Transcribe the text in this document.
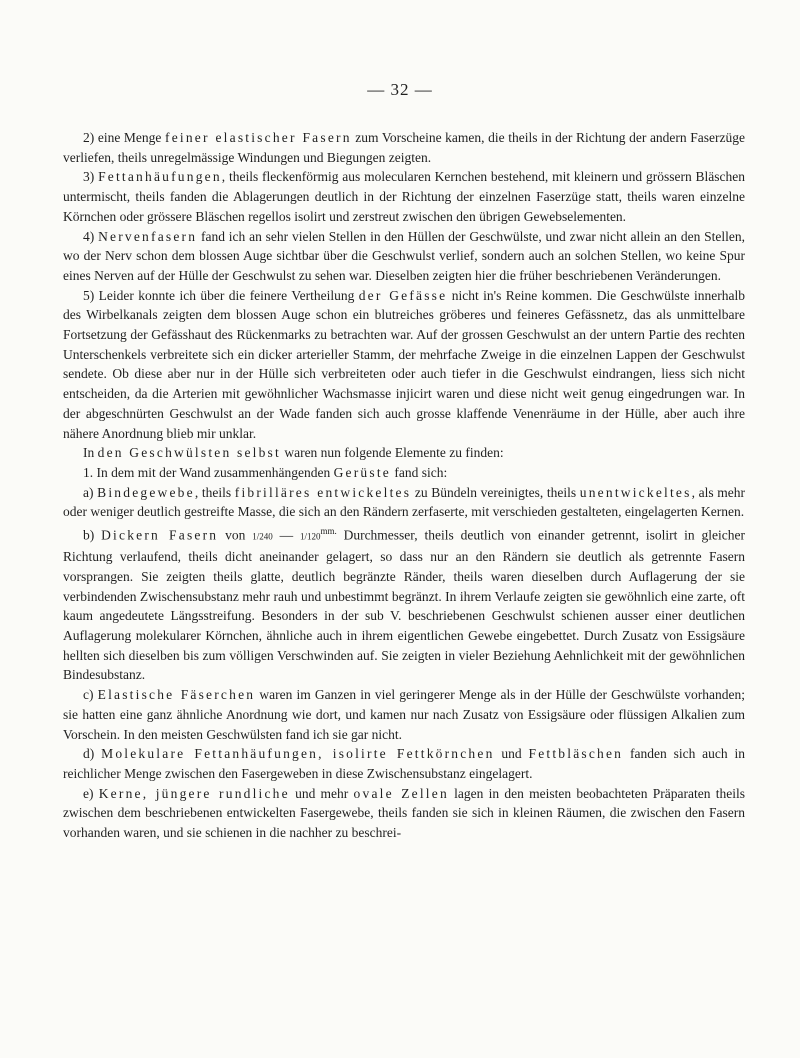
— 32 —

2) eine Menge feiner elastischer Fasern zum Vorscheine kamen, die theils in der Richtung der andern Faserzüge verliefen, theils unregelmässige Windungen und Biegungen zeigten.

3) Fettanhäufungen, theils fleckenförmig aus molecularen Kernchen bestehend, mit kleinern und grössern Bläschen untermischt, theils fanden die Ablagerungen deutlich in der Richtung der einzelnen Faserzüge statt, theils waren einzelne Körnchen oder grössere Bläschen regellos isolirt und zerstreut zwischen den übrigen Gewebselementen.

4) Nervenfasern fand ich an sehr vielen Stellen in den Hüllen der Geschwülste, und zwar nicht allein an den Stellen, wo der Nerv schon dem blossen Auge sichtbar über die Geschwulst verlief, sondern auch an solchen Stellen, wo keine Spur eines Nerven auf der Hülle der Geschwulst zu sehen war. Dieselben zeigten hier die früher beschriebenen Veränderungen.

5) Leider konnte ich über die feinere Vertheilung der Gefässe nicht in's Reine kommen. Die Geschwülste innerhalb des Wirbelkanals zeigten dem blossen Auge schon ein blutreiches gröberes und feineres Gefässnetz, das als unmittelbare Fortsetzung der Gefässhaut des Rückenmarks zu betrachten war. Auf der grossen Geschwulst an der untern Partie des rechten Unterschenkels verbreitete sich ein dicker arterieller Stamm, der mehrfache Zweige in die einzelnen Lappen der Geschwulst sendete. Ob diese aber nur in der Hülle sich verbreiteten oder auch tiefer in die Geschwulst eindrangen, liess sich nicht entscheiden, da die Arterien mit gewöhnlicher Wachsmasse injicirt waren und diese nicht weit genug eingedrungen war. In der abgeschnürten Geschwulst an der Wade fanden sich auch grosse klaffende Venenräume in der Hülle, aber auch ihre nähere Anordnung blieb mir unklar.

In den Geschwülsten selbst waren nun folgende Elemente zu finden:

1. In dem mit der Wand zusammenhängenden Gerüste fand sich:

a) Bindegewebe, theils fibrilläres entwickeltes zu Bündeln vereinigtes, theils unentwickeltes, als mehr oder weniger deutlich gestreifte Masse, die sich an den Rändern zerfaserte, mit verschieden gestalteten, eingelagerten Kernen.

b) Dickern Fasern von 1/240 — $1/120^{mm.}$ Durchmesser, theils deutlich von einander getrennt, isolirt in gleicher Richtung verlaufend, theils dicht aneinander gelagert, so dass nur an den Rändern sie deutlich als getrennte Fasern vorsprangen. Sie zeigten theils glatte, deutlich begränzte Ränder, theils waren dieselben durch Auflagerung der sie verbindenden Zwischensubstanz mehr rauh und unbestimmt begränzt. In ihrem Verlaufe zeigten sie gewöhnlich eine zarte, oft kaum angedeutete Längsstreifung. Besonders in der sub V. beschriebenen Geschwulst schienen ausser einer deutlichen Auflagerung molekularer Körnchen, ähnliche auch in ihrem eigentlichen Gewebe eingebettet. Durch Zusatz von Essigsäure hellten sich dieselben bis zum völligen Verschwinden auf. Sie zeigten in vieler Beziehung Aehnlichkeit mit der gewöhnlichen Bindesubstanz.

c) Elastische Fäserchen waren im Ganzen in viel geringerer Menge als in der Hülle der Geschwülste vorhanden; sie hatten eine ganz ähnliche Anordnung wie dort, und kamen nur nach Zusatz von Essigsäure oder flüssigen Alkalien zum Vorschein. In den meisten Geschwülsten fand ich sie gar nicht.

d) Molekulare Fettanhäufungen, isolirte Fettkörnchen und Fettbläschen fanden sich auch in reichlicher Menge zwischen den Fasergeweben in diese Zwischensubstanz eingelagert.

e) Kerne, jüngere rundliche und mehr ovale Zellen lagen in den meisten beobachteten Präparaten theils zwischen dem beschriebenen entwickelten Fasergewebe, theils fanden sie sich in kleinen Räumen, die zwischen den Fasern vorhanden waren, und sie schienen in die nachher zu beschrei-
